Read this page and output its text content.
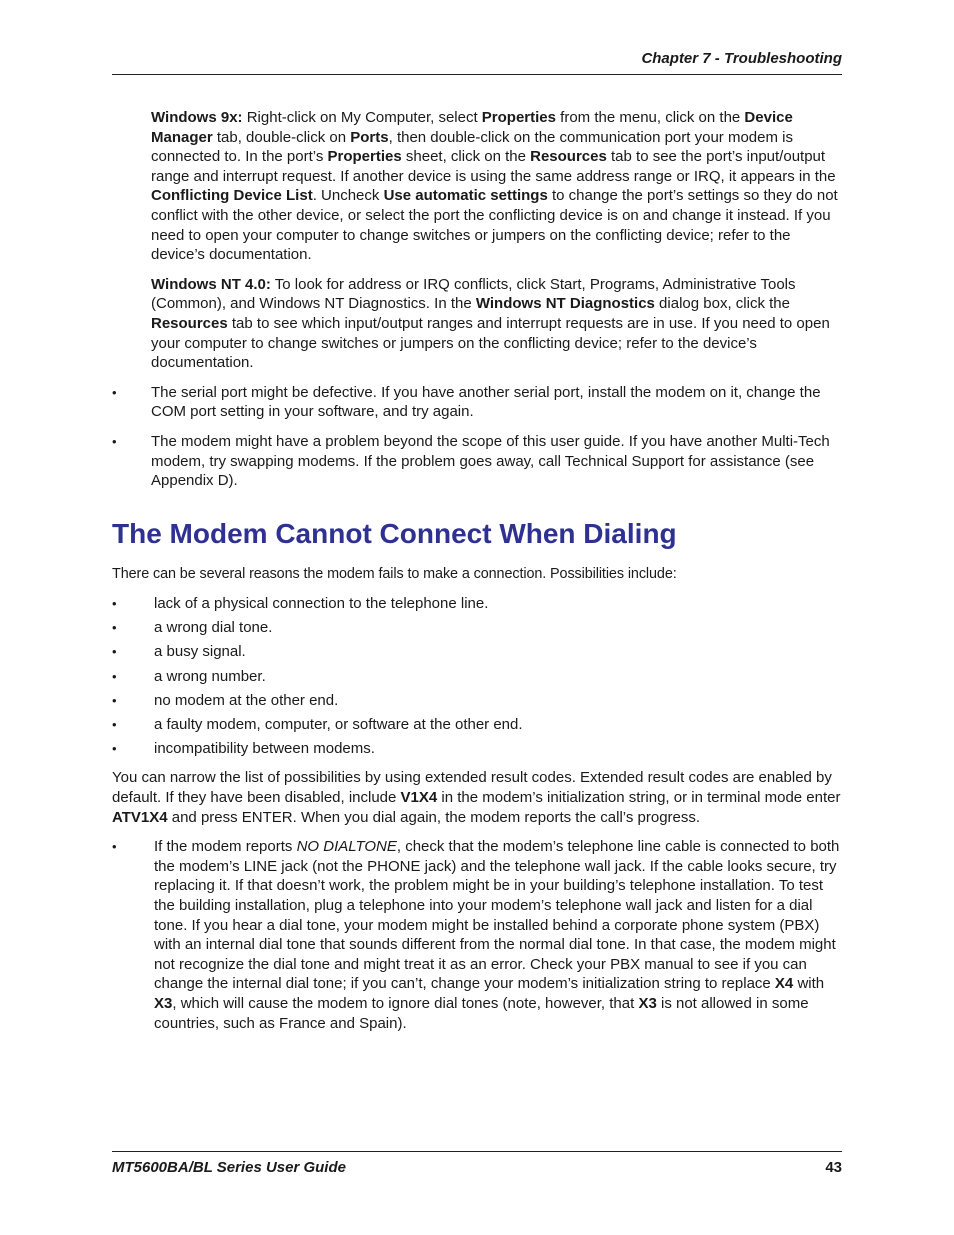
Chapter 7 - Troubleshooting

Windows 9x: Right-click on My Computer, select Properties from the menu, click on the Device Manager tab, double-click on Ports, then double-click on the communication port your modem is connected to. In the port’s Properties sheet, click on the Resources tab to see the port’s input/output range and interrupt request. If another device is using the same address range or IRQ, it appears in the Conflicting Device List. Uncheck Use automatic settings to change the port’s settings so they do not conflict with the other device, or select the port the conflicting device is on and change it instead. If you need to open your computer to change switches or jumpers on the conflicting device; refer to the device’s documentation.

Windows NT 4.0: To look for address or IRQ conflicts, click Start, Programs, Administrative Tools (Common), and Windows NT Diagnostics. In the Windows NT Diagnostics dialog box, click the Resources tab to see which input/output ranges and interrupt requests are in use. If you need to open your computer to change switches or jumpers on the conflicting device; refer to the device’s documentation.

• The serial port might be defective. If you have another serial port, install the modem on it, change the COM port setting in your software, and try again.
• The modem might have a problem beyond the scope of this user guide. If you have another Multi-Tech modem, try swapping modems. If the problem goes away, call Technical Support for assistance (see Appendix D).
The Modem Cannot Connect When Dialing

There can be several reasons the modem fails to make a connection. Possibilities include:

• lack of a physical connection to the telephone line.
• a wrong dial tone.
• a busy signal.
• a wrong number.
• no modem at the other end.
• a faulty modem, computer, or software at the other end.
• incompatibility between modems.

You can narrow the list of possibilities by using extended result codes. Extended result codes are enabled by default. If they have been disabled, include V1X4 in the modem’s initialization string, or in terminal mode enter ATV1X4 and press ENTER. When you dial again, the modem reports the call’s progress.

• If the modem reports NO DIALTONE, check that the modem’s telephone line cable is connected to both the modem’s LINE jack (not the PHONE jack) and the telephone wall jack. If the cable looks secure, try replacing it. If that doesn’t work, the problem might be in your building’s telephone installation. To test the building installation, plug a telephone into your modem’s telephone wall jack and listen for a dial tone. If you hear a dial tone, your modem might be installed behind a corporate phone system (PBX) with an internal dial tone that sounds different from the normal dial tone. In that case, the modem might not recognize the dial tone and might treat it as an error. Check your PBX manual to see if you can change the internal dial tone; if you can’t, change your modem’s initialization string to replace X4 with X3, which will cause the modem to ignore dial tones (note, however, that X3 is not allowed in some countries, such as France and Spain).
MT5600BA/BL Series User Guide	43
